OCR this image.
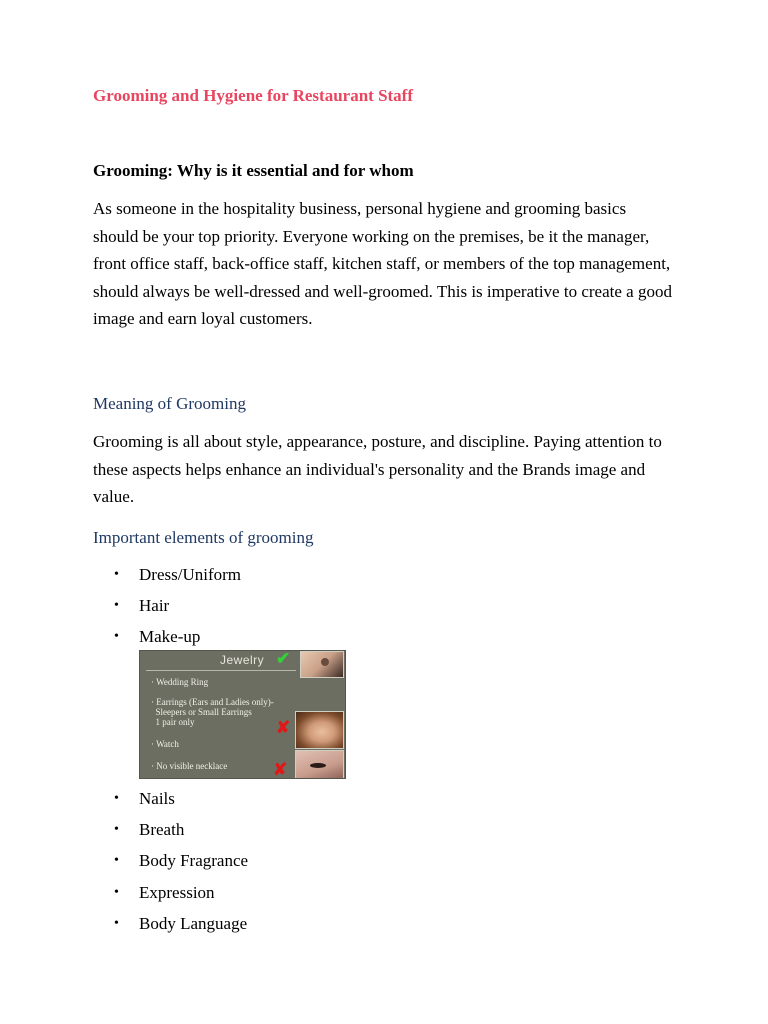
Grooming and Hygiene for Restaurant Staff
Grooming: Why is it essential and for whom

As someone in the hospitality business, personal hygiene and grooming basics should be your top priority. Everyone working on the premises, be it the manager, front office staff, back-office staff, kitchen staff, or members of the top management, should always be well-dressed and well-groomed. This is imperative to create a good image and earn loyal customers.

Meaning of Grooming

Grooming is all about style, appearance, posture, and discipline. Paying attention to these aspects helps enhance an individual's personality and the Brands image and value.

Important elements of grooming
• Dress/Uniform
• Hair
• Make-up
Jewelry ✔
✘
✘
· Wedding Ring
· Earrings (Ears and Ladies only)-
Sleepers or Small Earrings
1 pair only
· Watch
· No visible necklace
• Nails
• Breath
• Body Fragrance
• Expression
• Body Language
